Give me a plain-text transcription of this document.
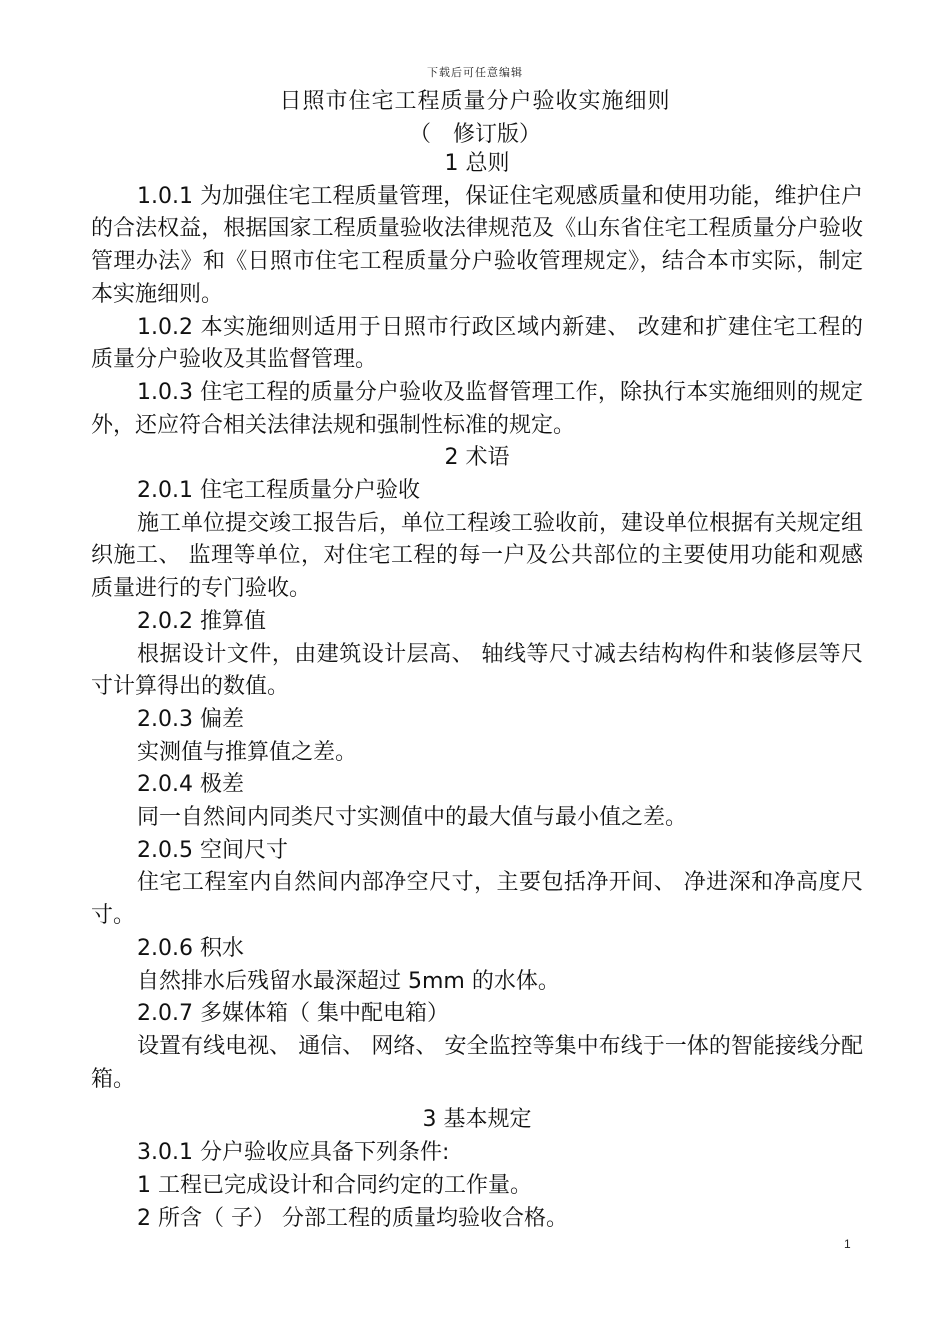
下载后可任意编辑
日照市住宅工程质量分户验收实施细则
（　修订版）

1 总则

1.0.1 为加强住宅工程质量管理，保证住宅观感质量和使用功能，维护住户的合法权益，根据国家工程质量验收法律规范及《山东省住宅工程质量分户验收管理办法》和《日照市住宅工程质量分户验收管理规定》，结合本市实际，制定本实施细则。

1.0.2 本实施细则适用于日照市行政区域内新建、 改建和扩建住宅工程的质量分户验收及其监督管理。

1.0.3 住宅工程的质量分户验收及监督管理工作，除执行本实施细则的规定外，还应符合相关法律法规和强制性标准的规定。

2 术语

2.0.1 住宅工程质量分户验收

施工单位提交竣工报告后，单位工程竣工验收前，建设单位根据有关规定组织施工、 监理等单位，对住宅工程的每一户及公共部位的主要使用功能和观感质量进行的专门验收。

2.0.2 推算值

根据设计文件，由建筑设计层高、 轴线等尺寸减去结构构件和装修层等尺寸计算得出的数值。

2.0.3 偏差

实测值与推算值之差。

2.0.4 极差

同一自然间内同类尺寸实测值中的最大值与最小值之差。

2.0.5 空间尺寸

住宅工程室内自然间内部净空尺寸，主要包括净开间、 净进深和净高度尺寸。

2.0.6 积水

自然排水后残留水最深超过 5mm 的水体。

2.0.7 多媒体箱（ 集中配电箱）

设置有线电视、 通信、 网络、 安全监控等集中布线于一体的智能接线分配箱。

3 基本规定

3.0.1 分户验收应具备下列条件:

1 工程已完成设计和合同约定的工作量。

2 所含（ 子） 分部工程的质量均验收合格。

1
